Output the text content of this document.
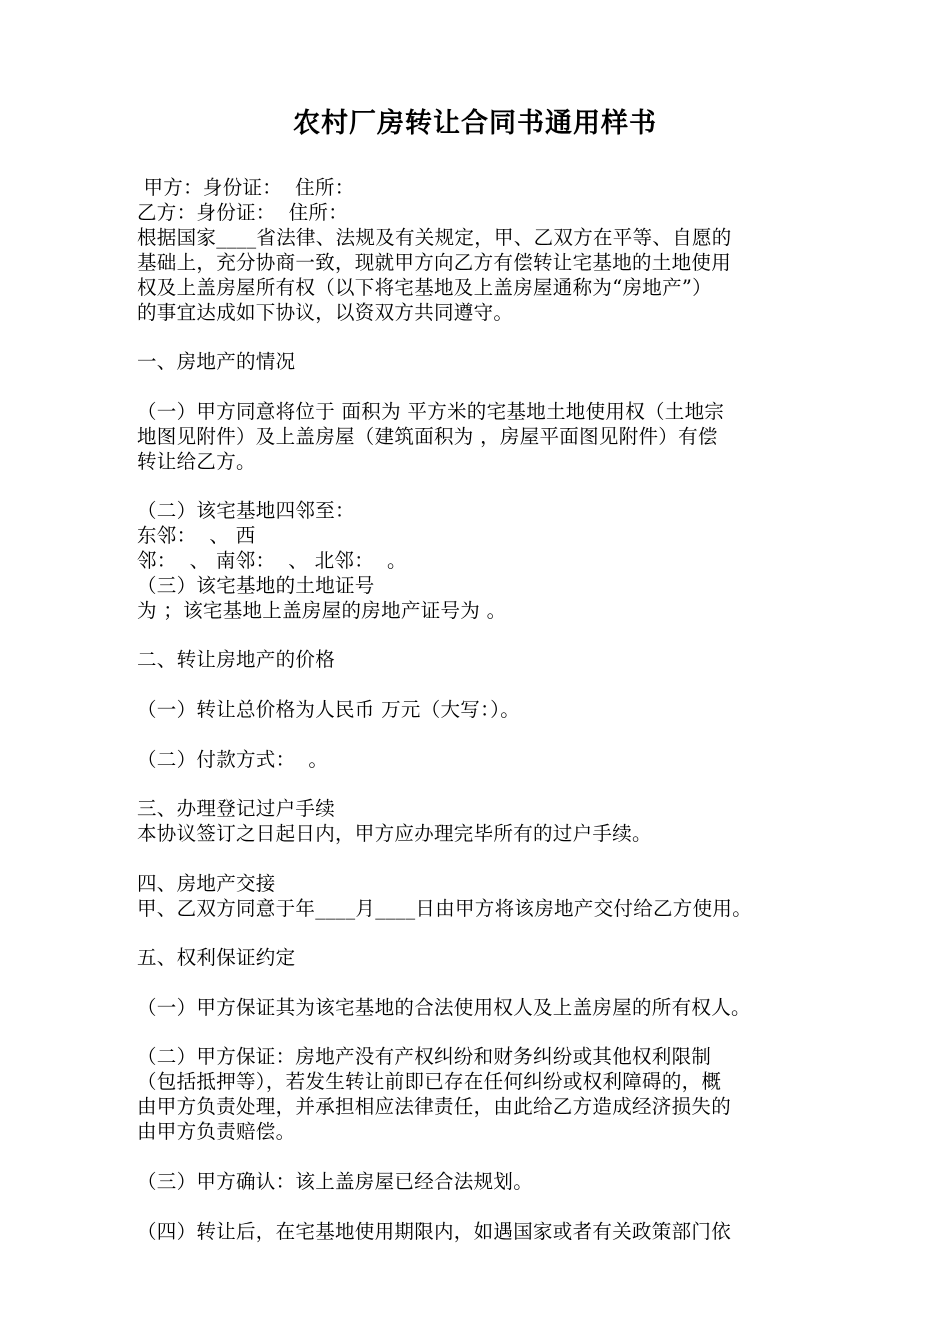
农村厂房转让合同书通用样书
甲方：身份证：  住所：
乙方：身份证：  住所：
根据国家____省法律、法规及有关规定，甲、乙双方在平等、自愿的
基础上，充分协商一致，现就甲方向乙方有偿转让宅基地的土地使用
权及上盖房屋所有权（以下将宅基地及上盖房屋通称为“房地产”）
的事宜达成如下协议，以资双方共同遵守。
一、房地产的情况
（一）甲方同意将位于 面积为 平方米的宅基地土地使用权（土地宗
地图见附件）及上盖房屋（建筑面积为 ，房屋平面图见附件）有偿
转让给乙方。
（二）该宅基地四邻至：
东邻：  、 西
邻：  、 南邻：  、 北邻：  。
（三）该宅基地的土地证号
为 ；该宅基地上盖房屋的房地产证号为 。
二、转让房地产的价格
（一）转让总价格为人民币 万元（大写：）。
（二）付款方式：  。
三、办理登记过户手续
本协议签订之日起日内，甲方应办理完毕所有的过户手续。
四、房地产交接
甲、乙双方同意于年____月____日由甲方将该房地产交付给乙方使用。
五、权利保证约定
（一）甲方保证其为该宅基地的合法使用权人及上盖房屋的所有权人。
（二）甲方保证：房地产没有产权纠纷和财务纠纷或其他权利限制
（包括抵押等），若发生转让前即已存在任何纠纷或权利障碍的，概
由甲方负责处理，并承担相应法律责任，由此给乙方造成经济损失的
由甲方负责赔偿。
（三）甲方确认：该上盖房屋已经合法规划。
（四）转让后，在宅基地使用期限内，如遇国家或者有关政策部门依
